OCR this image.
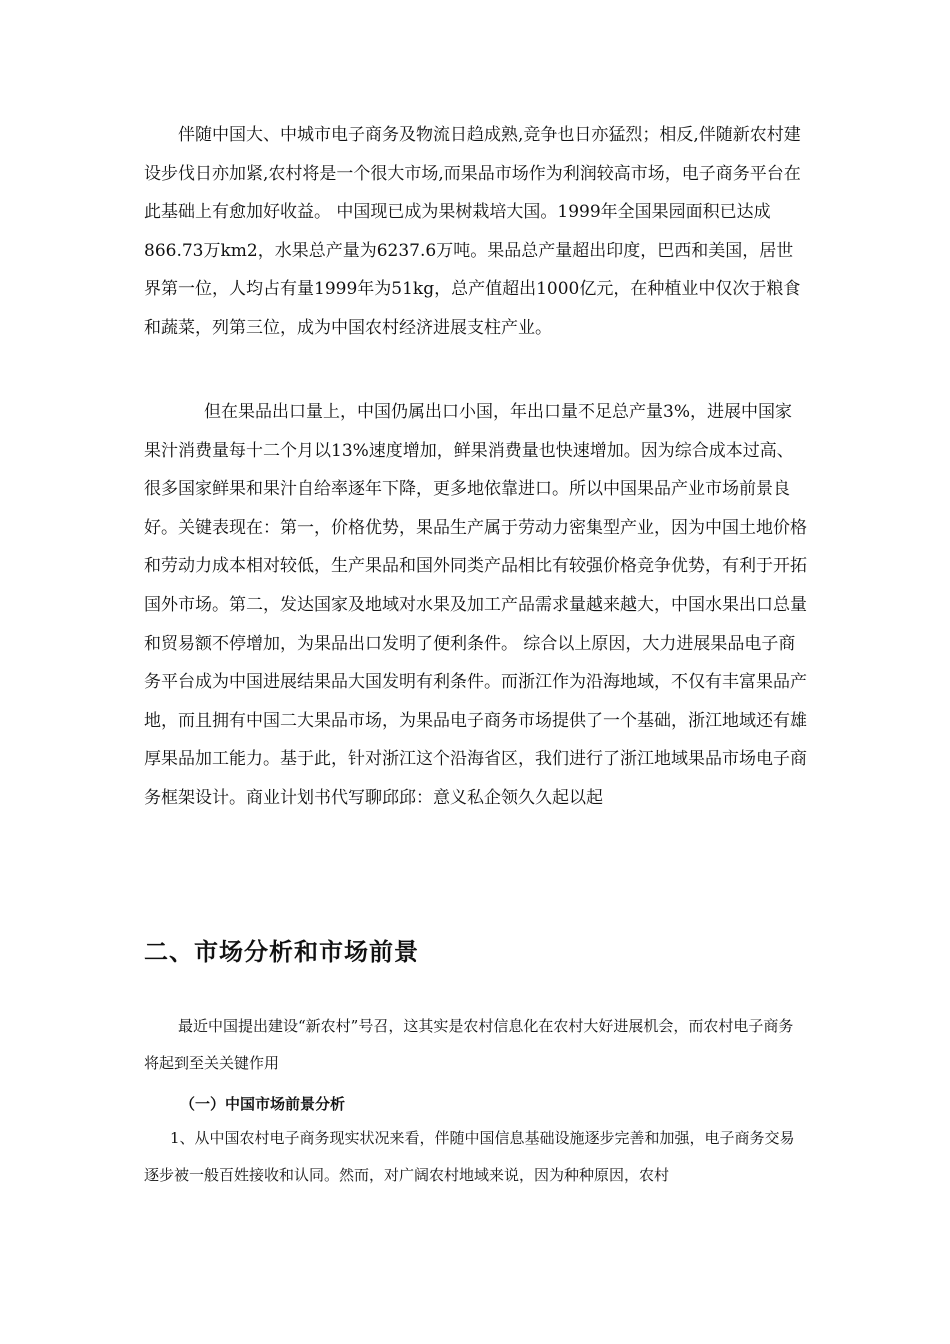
伴随中国大、中城市电子商务及物流日趋成熟,竞争也日亦猛烈；相反,伴随新农村建设步伐日亦加紧,农村将是一个很大市场,而果品市场作为利润较高市场，电子商务平台在此基础上有愈加好收益。 中国现已成为果树栽培大国。1999年全国果园面积已达成866.73万km2，水果总产量为6237.6万吨。果品总产量超出印度，巴西和美国，居世界第一位，人均占有量1999年为51kg，总产值超出1000亿元，在种植业中仅次于粮食和蔬菜，列第三位，成为中国农村经济进展支柱产业。

但在果品出口量上，中国仍属出口小国，年出口量不足总产量3%，进展中国家果汁消费量每十二个月以13%速度增加，鲜果消费量也快速增加。因为综合成本过高、很多国家鲜果和果汁自给率逐年下降，更多地依靠进口。所以中国果品产业市场前景良好。关键表现在：第一，价格优势，果品生产属于劳动力密集型产业，因为中国土地价格和劳动力成本相对较低，生产果品和国外同类产品相比有较强价格竞争优势，有利于开拓国外市场。第二，发达国家及地域对水果及加工产品需求量越来越大，中国水果出口总量和贸易额不停增加，为果品出口发明了便利条件。 综合以上原因，大力进展果品电子商务平台成为中国进展结果品大国发明有利条件。而浙江作为沿海地域，不仅有丰富果品产地，而且拥有中国二大果品市场，为果品电子商务市场提供了一个基础，浙江地域还有雄厚果品加工能力。基于此，针对浙江这个沿海省区，我们进行了浙江地域果品市场电子商务框架设计。商业计划书代写聊邱邱：意义私企领久久起以起

二、市场分析和市场前景

最近中国提出建设“新农村”号召，这其实是农村信息化在农村大好进展机会，而农村电子商务将起到至关关键作用

（一）中国市场前景分析

1、从中国农村电子商务现实状况来看，伴随中国信息基础设施逐步完善和加强，电子商务交易逐步被一般百姓接收和认同。然而，对广阔农村地域来说，因为种种原因，农村
